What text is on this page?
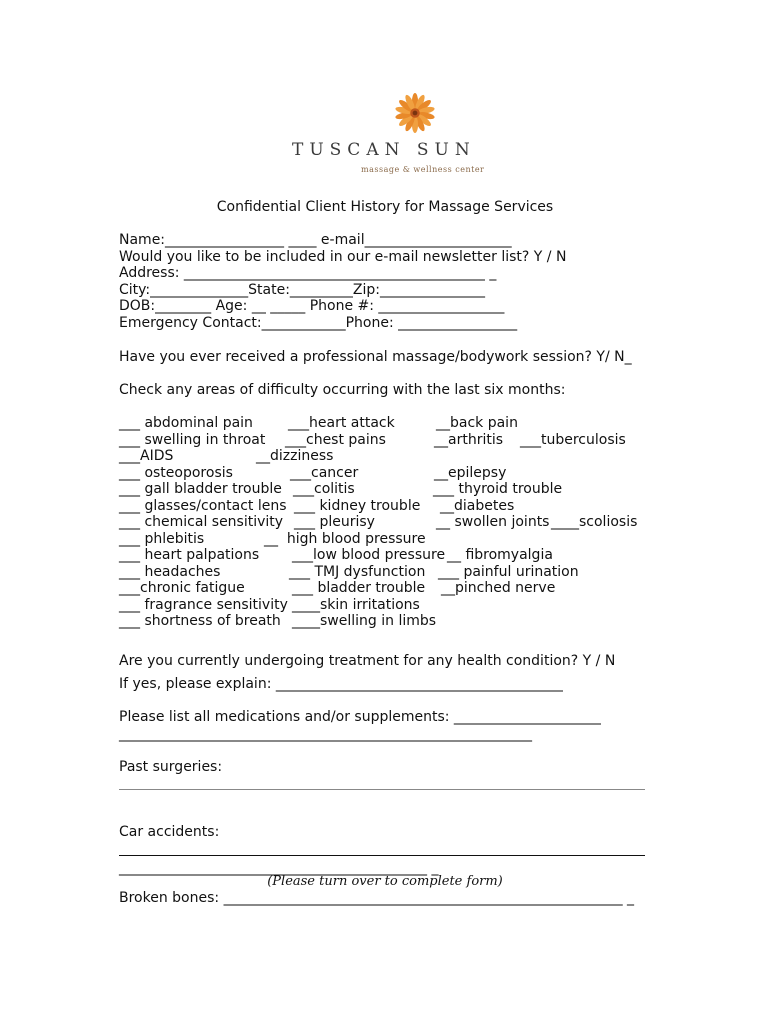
TUSCAN SUN
massage & wellness center
Confidential Client History for Massage Services
Name:_________________ ____ e-mail_____________________
Would you like to be included in our e-mail newsletter list? Y / N
Address: ___________________________________________ _
City:______________State:_________Zip:_______________
DOB:________ Age: __ _____ Phone #: __________________
Emergency Contact:____________Phone: _________________
Have you ever received a professional massage/bodywork session? Y/ N_
Check any areas of difficulty occurring with the last six months:
___ abdominal pain	___heart attack	__back pain
___ swelling in throat ___chest pains	__arthritis ___tuberculosis
___AIDS	__dizziness
___ osteoporosis	___cancer	__epilepsy
___ gall bladder trouble ___colitis	___ thyroid trouble
___ glasses/contact lens ___ kidney trouble __diabetes
___ chemical sensitivity ___ pleurisy	__ swollen joints ____scoliosis
___ phlebitis	__  high blood pressure
___ heart palpations ___low blood pressure __ fibromyalgia
___ headaches	___ TMJ dysfunction ___ painful urination
___chronic fatigue	___ bladder trouble __pinched nerve
___ fragrance sensitivity ____skin irritations
___ shortness of breath ____swelling in limbs
Are you currently undergoing treatment for any health condition? Y / N
If yes, please explain: _________________________________________
Please list all medications and/or supplements: _____________________
___________________________________________________________
Past surgeries:
Car accidents:
____________________________________________ _
(Please turn over to complete form)
Broken bones: _________________________________________________________ _
